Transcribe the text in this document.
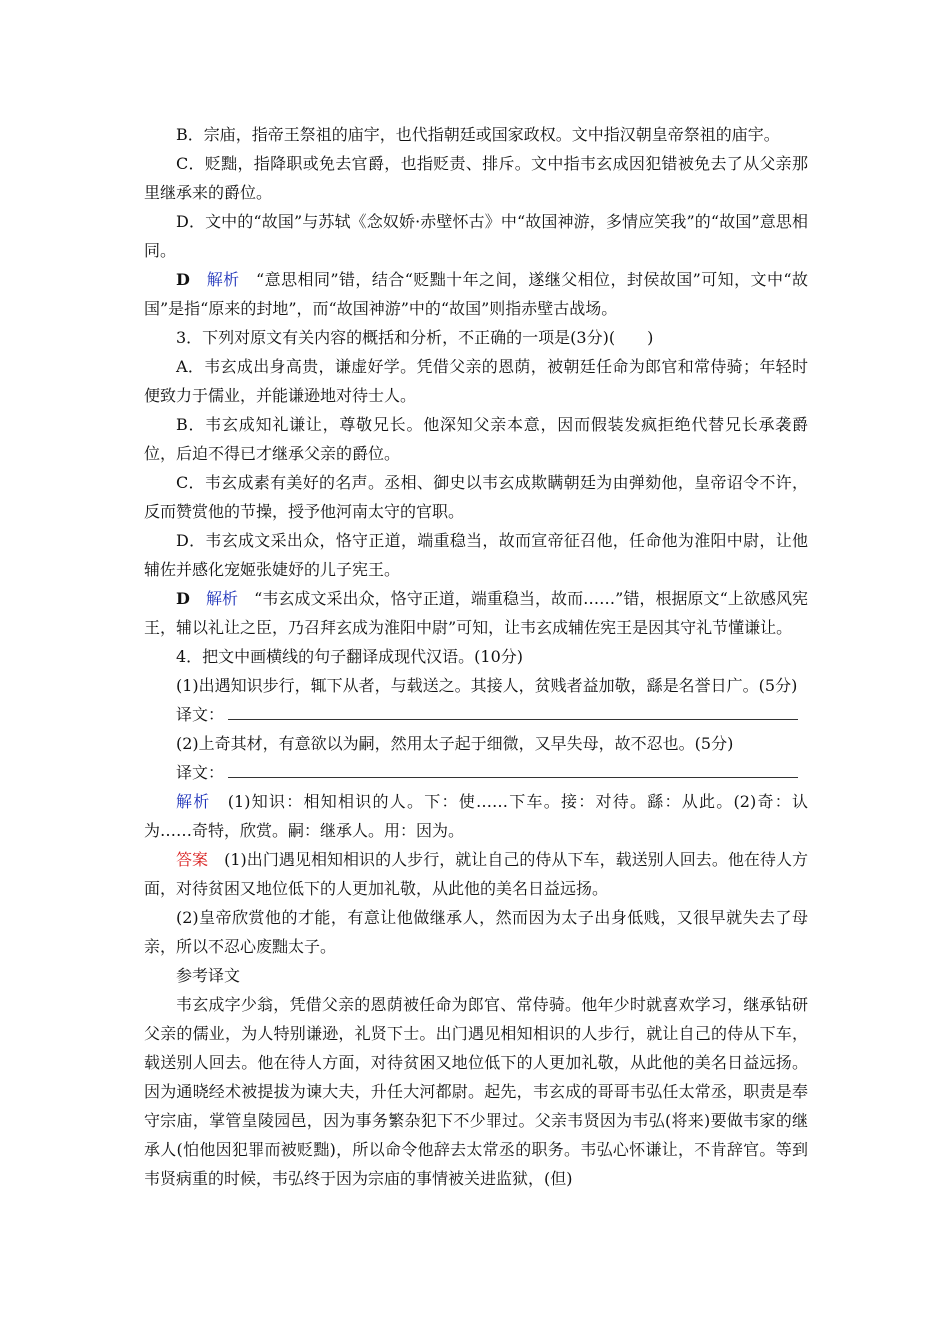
B．宗庙，指帝王祭祖的庙宇，也代指朝廷或国家政权。文中指汉朝皇帝祭祖的庙宇。

C．贬黜，指降职或免去官爵，也指贬责、排斥。文中指韦玄成因犯错被免去了从父亲那里继承来的爵位。

D．文中的“故国”与苏轼《念奴娇·赤壁怀古》中“故国神游，多情应笑我”的“故国”意思相同。

D　 解析　“意思相同”错，结合“贬黜十年之间，遂继父相位，封侯故国”可知，文中“故国”是指“原来的封地”，而“故国神游”中的“故国”则指赤壁古战场。

3．下列对原文有关内容的概括和分析，不正确的一项是(3分)(　　)

A．韦玄成出身高贵，谦虚好学。凭借父亲的恩荫，被朝廷任命为郎官和常侍骑；年轻时便致力于儒业，并能谦逊地对待士人。

B．韦玄成知礼谦让，尊敬兄长。他深知父亲本意，因而假装发疯拒绝代替兄长承袭爵位，后迫不得已才继承父亲的爵位。

C．韦玄成素有美好的名声。丞相、御史以韦玄成欺瞒朝廷为由弹劾他，皇帝诏令不许，反而赞赏他的节操，授予他河南太守的官职。

D．韦玄成文采出众，恪守正道，端重稳当，故而宣帝征召他，任命他为淮阳中尉，让他辅佐并感化宠姬张婕妤的儿子宪王。

D　 解析　“韦玄成文采出众，恪守正道，端重稳当，故而……”错，根据原文“上欲感风宪王，辅以礼让之臣，乃召拜玄成为淮阳中尉”可知，让韦玄成辅佐宪王是因其守礼节懂谦让。

4．把文中画横线的句子翻译成现代汉语。(10分)

(1)出遇知识步行，辄下从者，与载送之。其接人，贫贱者益加敬，繇是名誉日广。(5分)

译文：

(2)上奇其材，有意欲以为嗣，然用太子起于细微，又早失母，故不忍也。(5分)

译文：

解析　(1)知识：相知相识的人。下：使……下车。接：对待。繇：从此。(2)奇：认为……奇特，欣赏。嗣：继承人。用：因为。

答案　(1)出门遇见相知相识的人步行，就让自己的侍从下车，载送别人回去。他在待人方面，对待贫困又地位低下的人更加礼敬，从此他的美名日益远扬。

(2)皇帝欣赏他的才能，有意让他做继承人，然而因为太子出身低贱，又很早就失去了母亲，所以不忍心废黜太子。

参考译文

韦玄成字少翁，凭借父亲的恩荫被任命为郎官、常侍骑。他年少时就喜欢学习，继承钻研父亲的儒业，为人特别谦逊，礼贤下士。出门遇见相知相识的人步行，就让自己的侍从下车，载送别人回去。他在待人方面，对待贫困又地位低下的人更加礼敬，从此他的美名日益远扬。因为通晓经术被提拔为谏大夫，升任大河都尉。起先，韦玄成的哥哥韦弘任太常丞，职责是奉守宗庙，掌管皇陵园邑，因为事务繁杂犯下不少罪过。父亲韦贤因为韦弘(将来)要做韦家的继承人(怕他因犯罪而被贬黜)，所以命令他辞去太常丞的职务。韦弘心怀谦让，不肯辞官。等到韦贤病重的时候，韦弘终于因为宗庙的事情被关进监狱，(但)
